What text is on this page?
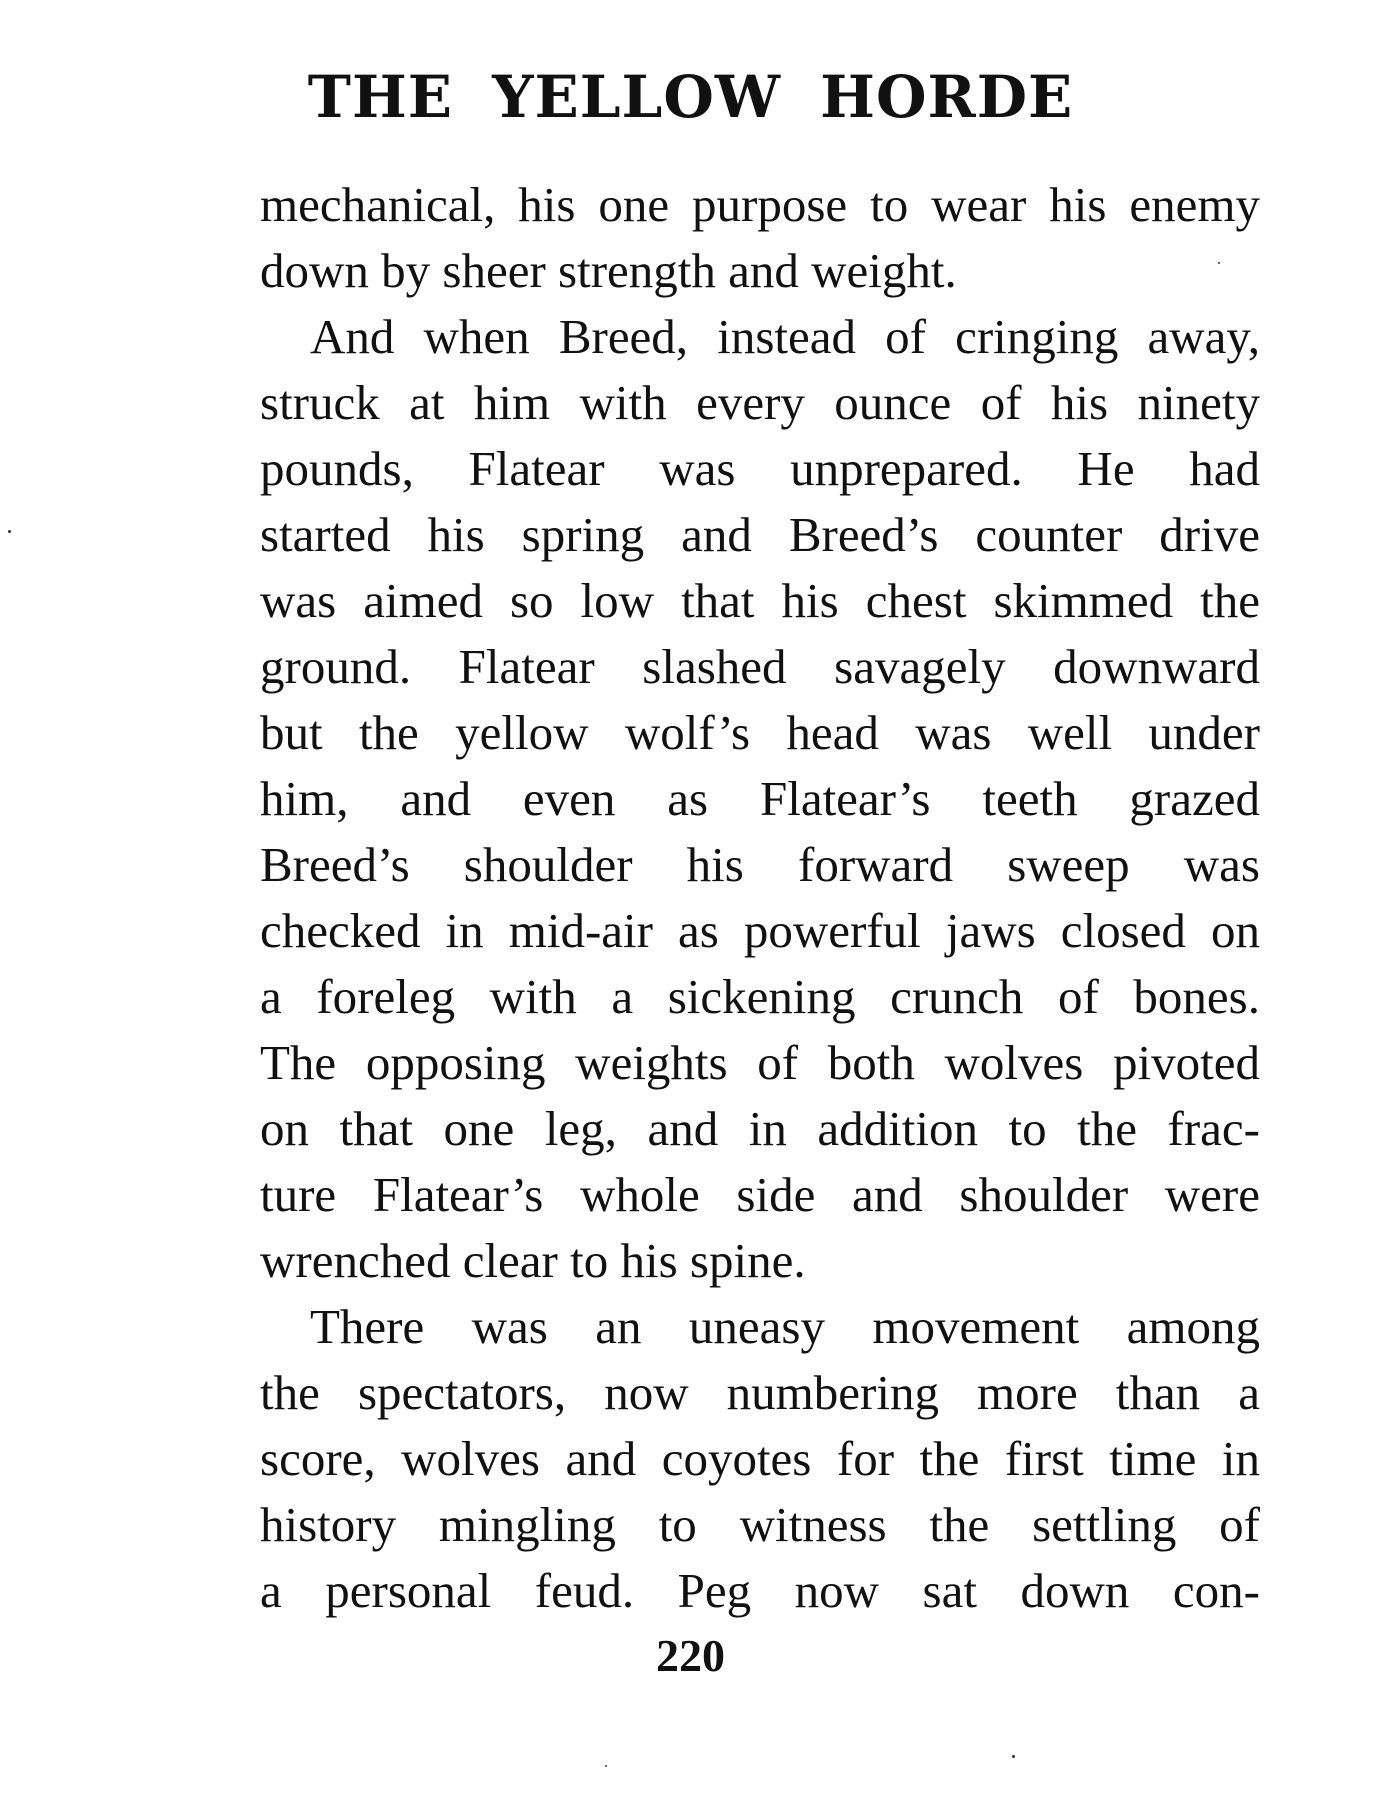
THE YELLOW HORDE
mechanical, his one purpose to wear his enemy
down by sheer strength and weight.
And when Breed, instead of cringing away,
struck at him with every ounce of his ninety
pounds, Flatear was unprepared. He had
started his spring and Breed’s counter drive
was aimed so low that his chest skimmed the
ground. Flatear slashed savagely downward
but the yellow wolf’s head was well under
him, and even as Flatear’s teeth grazed
Breed’s shoulder his forward sweep was
checked in mid-air as powerful jaws closed on
a foreleg with a sickening crunch of bones.
The opposing weights of both wolves pivoted
on that one leg, and in addition to the frac-
ture Flatear’s whole side and shoulder were
wrenched clear to his spine.
There was an uneasy movement among
the spectators, now numbering more than a
score, wolves and coyotes for the first time in
history mingling to witness the settling of
a personal feud. Peg now sat down con-
220
